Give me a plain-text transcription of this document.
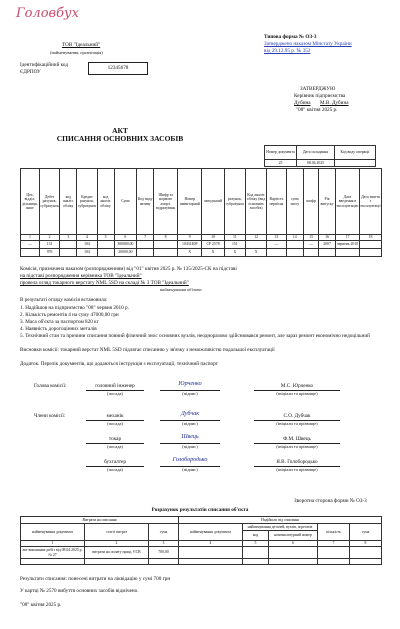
Головбух
Типова форма № ОЗ-3
Затверджено наказом Мінстату України
від 29.12.95 р. № 352
ТОВ "Ідеальний"
(найменування, організація)
Ідентифікаційний код
ЄДРПОУ
12345678
ЗАТВЕРДЖУЮ
Керівник підприємства
Дубина М.В. Дубина
"08" квітня 2025 р.
АКТ
СПИСАННЯ ОСНОВНИХ ЗАСОБІВ
Номер документа	Дата складання	Код виду операції
25	08.04.2025	
Цех, відділ, дільниця, інше	Дебет рахунок, субрахунок	код аналіт. обліку	Кредит рахунок, субрахунок	код аналіт. обліку	Сума	Код виду активу	Шифр за нормою аморт. відрахувань	Номер інвентарний	заводський	рахунок, субрахунок	Код аналіт. обліку (вид основних засобів)	Вартість первісна	сума зносу	шифр	Рік випуску	Дата введення в експлуатацію	Дата зняття з експлуатації
1	2	3	4	5	6	7	8	9	10	11	12	13	14	15	16	17	18
—	131		104		300000,00			1043140Р	СР 2578	151		—		—	2007	червень 2010	
	976		104		20000,00			X	X	X	X						
Комісія, призначена наказом (розпорядженням) від "01" квітня 2025 р. № 135/2025-СК на підставі
на підставі розпорядження керівника ТОВ "Ідеальний"
провела огляд токарного верстату NML 5SD на складі № 3 ТОВ "Ідеальний"
найменування об'єкта
В результаті огляду комісія встановила:
1. Надійшов на підприємство "08" червня 2010 р.
2. Кількість ремонтів 4 на суму 47000,00 грн
3. Маса об'єкта за паспортом 820 кг
4. Наявність дорогоцінних металів
5. Технічний стан та причини списання повний фізичний знос основних вузлів, неодноразово здійснювався ремонт, але зараз ремонт економічно недоцільний
Висновки комісії: токарний верстат NML 5SD підлягає списанню у зв'язку з неможливістю подальшої експлуатації
Додаток. Перелік документів, що додаються інструкція з експлуатації, технічний паспорт
Голова комісії:
Члени комісії:
головний інженер	Юрченко	М.С. Юрченко
(посада)	(підпис)	(ініціали та прізвище)
механік	Дубчак	С.О. Дубчак
(посада)	(підпис)	(ініціали та прізвище)
токар	Швець	Ф.М. Швець
(посада)	(підпис)	(ініціали та прізвище)
бухгалтер	Голобородько	Я.В. Голобородько
(посада)	(підпис)	(ініціали та прізвище)
Зворотна сторона форми № ОЗ-3
Розрахунок результатів списання об'єкта
Витрати на списання			Надійшло від списання				
найменування документа	статті витрат	сума	найменування документа	найменування деталей, вузлів, агрегатів		кількість	сума
				код	номенклатурний номер		
1	2	3	4	5	6	7	8
акт виконаних робіт від 08.04.2025 р. № 27	витрати на оплату праці, ЄСВ	700,00					

Результати списання: понесені витрати на ліквідацію у сумі 700 грн
У картці № 2570 вибуття основних засобів відмічено.
"08" квітня 2025 р.
